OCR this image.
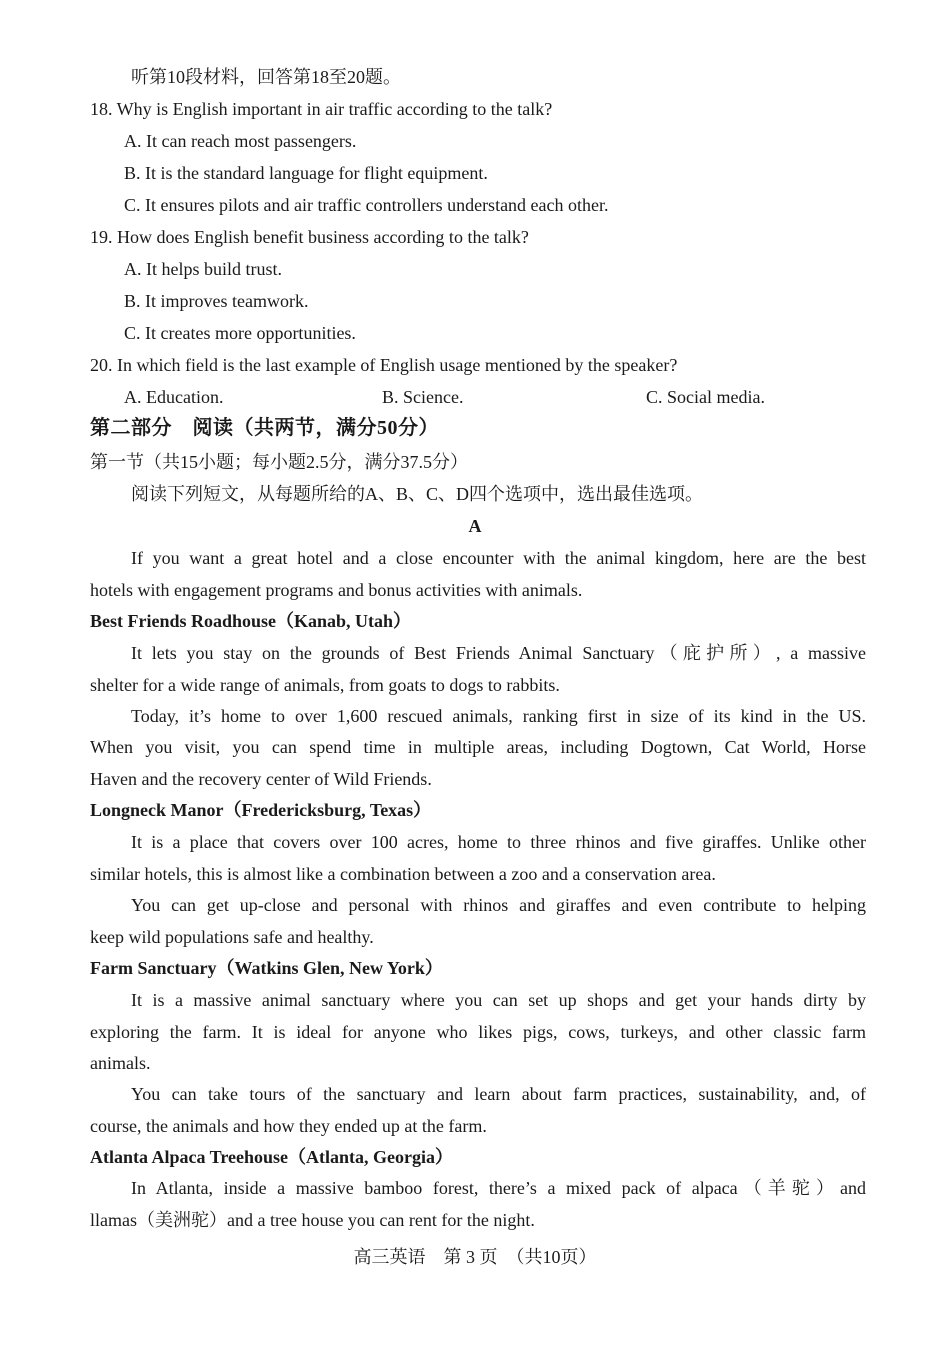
听第10段材料，回答第18至20题。
18. Why is English important in air traffic according to the talk?
A. It can reach most passengers.
B. It is the standard language for flight equipment.
C. It ensures pilots and air traffic controllers understand each other.
19. How does English benefit business according to the talk?
A. It helps build trust.
B. It improves teamwork.
C. It creates more opportunities.
20. In which field is the last example of English usage mentioned by the speaker?
A. Education.	B. Science.	C. Social media.
第二部分　阅读（共两节，满分50分）
第一节（共15小题；每小题2.5分，满分37.5分）
阅读下列短文，从每题所给的A、B、C、D四个选项中，选出最佳选项。
A
If you want a great hotel and a close encounter with the animal kingdom, here are the best
hotels with engagement programs and bonus activities with animals.
Best Friends Roadhouse（Kanab, Utah）
It lets you stay on the grounds of Best Friends Animal Sanctuary（庇护所）, a massive
shelter for a wide range of animals, from goats to dogs to rabbits.
Today, it’s home to over 1,600 rescued animals, ranking first in size of its kind in the US.
When you visit, you can spend time in multiple areas, including Dogtown, Cat World, Horse
Haven and the recovery center of Wild Friends.
Longneck Manor（Fredericksburg, Texas）
It is a place that covers over 100 acres, home to three rhinos and five giraffes. Unlike other
similar hotels, this is almost like a combination between a zoo and a conservation area.
You can get up-close and personal with rhinos and giraffes and even contribute to helping
keep wild populations safe and healthy.
Farm Sanctuary（Watkins Glen, New York）
It is a massive animal sanctuary where you can set up shops and get your hands dirty by
exploring the farm. It is ideal for anyone who likes pigs, cows, turkeys, and other classic farm
animals.
You can take tours of the sanctuary and learn about farm practices, sustainability, and, of
course, the animals and how they ended up at the farm.
Atlanta Alpaca Treehouse（Atlanta, Georgia）
In Atlanta, inside a massive bamboo forest, there’s a mixed pack of alpaca（羊驼）and
llamas（美洲驼）and a tree house you can rent for the night.
高三英语　第 3 页　（共10页）
